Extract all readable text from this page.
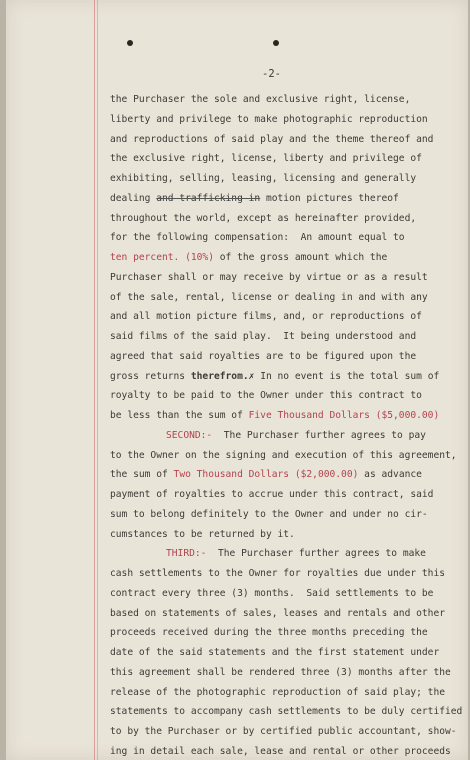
-2-
the Purchaser the sole and exclusive right, license,
liberty and privilege to make photographic reproduction
and reproductions of said play and the theme thereof and
the exclusive right, license, liberty and privilege of
exhibiting, selling, leasing, licensing and generally
dealing and trafficking in motion pictures thereof
throughout the world, except as hereinafter provided,
for the following compensation:  An amount equal to
ten percent. (10%) of the gross amount which the
Purchaser shall or may receive by virtue or as a result
of the sale, rental, license or dealing in and with any
and all motion picture films, and, or reproductions of
said films of the said play.  It being understood and
agreed that said royalties are to be figured upon the
gross returns therefrom.✗ In no event is the total sum of
royalty to be paid to the Owner under this contract to
be less than the sum of Five Thousand Dollars ($5,000.00)
SECOND:-  The Purchaser further agrees to pay
to the Owner on the signing and execution of this agreement,
the sum of Two Thousand Dollars ($2,000.00) as advance
payment of royalties to accrue under this contract, said
sum to belong definitely to the Owner and under no cir-
cumstances to be returned by it.
THIRD:-  The Purchaser further agrees to make
cash settlements to the Owner for royalties due under this
contract every three (3) months.  Said settlements to be
based on statements of sales, leases and rentals and other
proceeds received during the three months preceding the
date of the said statements and the first statement under
this agreement shall be rendered three (3) months after the
release of the photographic reproduction of said play; the
statements to accompany cash settlements to be duly certified
to by the Purchaser or by certified public accountant, show-
ing in detail each sale, lease and rental or other proceeds
